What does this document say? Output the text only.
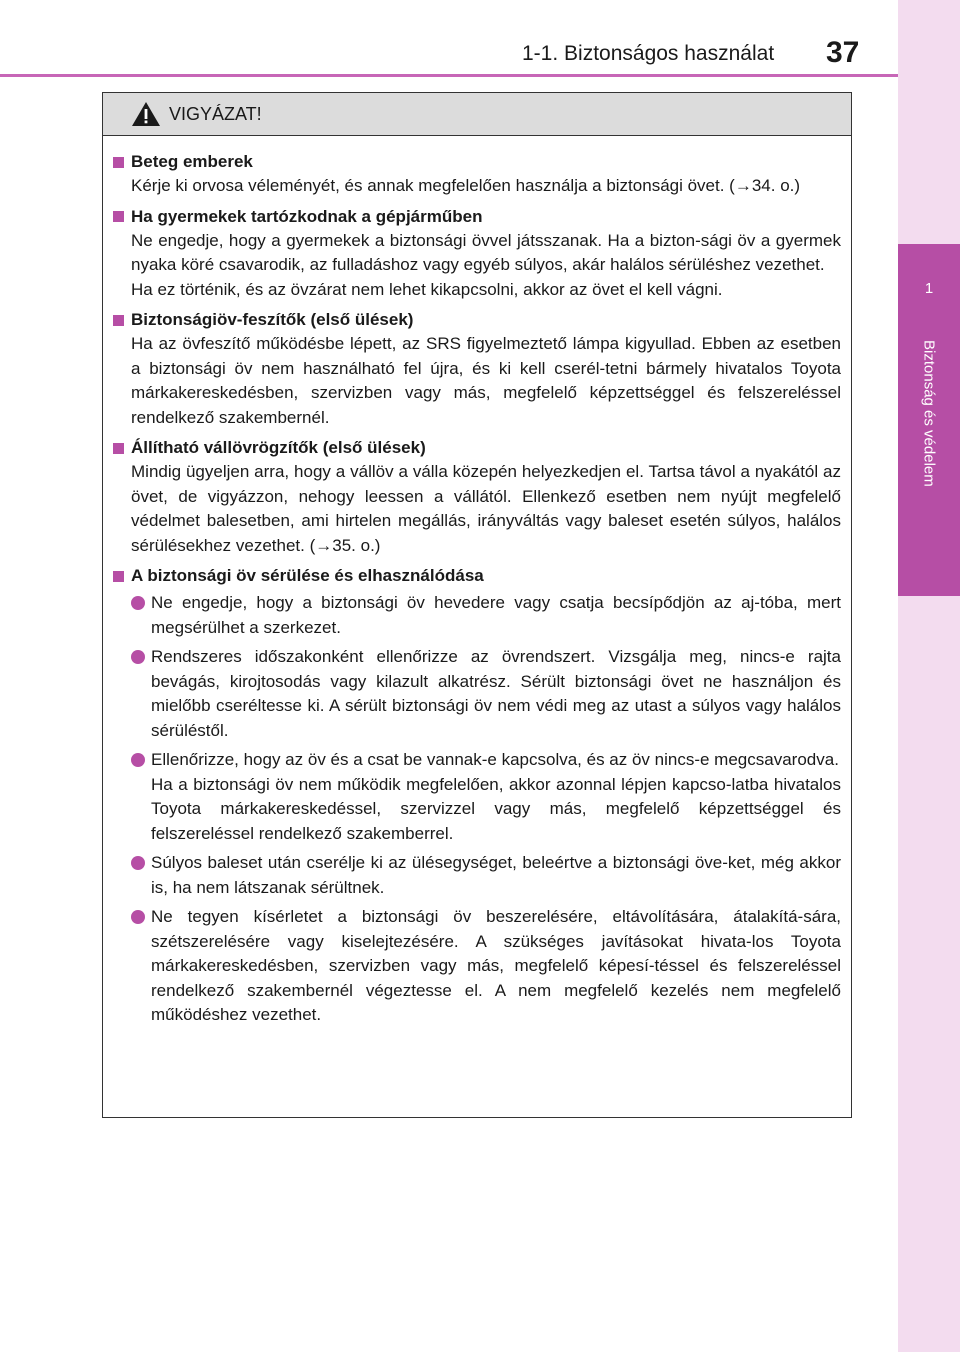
1
Biztonság és védelem
1-1. Biztonságos használat 37
VIGYÁZAT!
Beteg emberek

Kérje ki orvosa véleményét, és annak megfelelően használja a biztonsági övet. (→34. o.)

Ha gyermekek tartózkodnak a gépjárműben

Ne engedje, hogy a gyermekek a biztonsági övvel játsszanak. Ha a bizton-sági öv a gyermek nyaka köré csavarodik, az fulladáshoz vagy egyéb súlyos, akár halálos sérüléshez vezethet.

Ha ez történik, és az övzárat nem lehet kikapcsolni, akkor az övet el kell vágni.

Biztonságiöv-feszítők (első ülések)

Ha az övfeszítő működésbe lépett, az SRS figyelmeztető lámpa kigyullad. Ebben az esetben a biztonsági öv nem használható fel újra, és ki kell cserél-tetni bármely hivatalos Toyota márkakereskedésben, szervizben vagy más, megfelelő képzettséggel és felszereléssel rendelkező szakembernél.

Állítható vállövrögzítők (első ülések)

Mindig ügyeljen arra, hogy a vállöv a válla közepén helyezkedjen el. Tartsa távol a nyakától az övet, de vigyázzon, nehogy leessen a vállától. Ellenkező esetben nem nyújt megfelelő védelmet balesetben, ami hirtelen megállás, irányváltás vagy baleset esetén súlyos, halálos sérülésekhez vezethet. (→35. o.)

A biztonsági öv sérülése és elhasználódása

Ne engedje, hogy a biztonsági öv hevedere vagy csatja becsípődjön az aj-tóba, mert megsérülhet a szerkezet.

Rendszeres időszakonként ellenőrizze az övrendszert. Vizsgálja meg, nincs-e rajta bevágás, kirojtosodás vagy kilazult alkatrész. Sérült biztonsági övet ne használjon és mielőbb cseréltesse ki. A sérült biztonsági öv nem védi meg az utast a súlyos vagy halálos sérüléstől.

Ellenőrizze, hogy az öv és a csat be vannak-e kapcsolva, és az öv nincs-e megcsavarodva.

Ha a biztonsági öv nem működik megfelelően, akkor azonnal lépjen kapcso-latba hivatalos Toyota márkakereskedéssel, szervizzel vagy más, megfelelő képzettséggel és felszereléssel rendelkező szakemberrel.

Súlyos baleset után cserélje ki az ülésegységet, beleértve a biztonsági öve-ket, még akkor is, ha nem látszanak sérültnek.

Ne tegyen kísérletet a biztonsági öv beszerelésére, eltávolítására, átalakítá-sára, szétszerelésére vagy kiselejtezésére. A szükséges javításokat hivata-los Toyota márkakereskedésben, szervizben vagy más, megfelelő képesí-téssel és felszereléssel rendelkező szakembernél végeztesse el. A nem megfelelő kezelés nem megfelelő működéshez vezethet.
